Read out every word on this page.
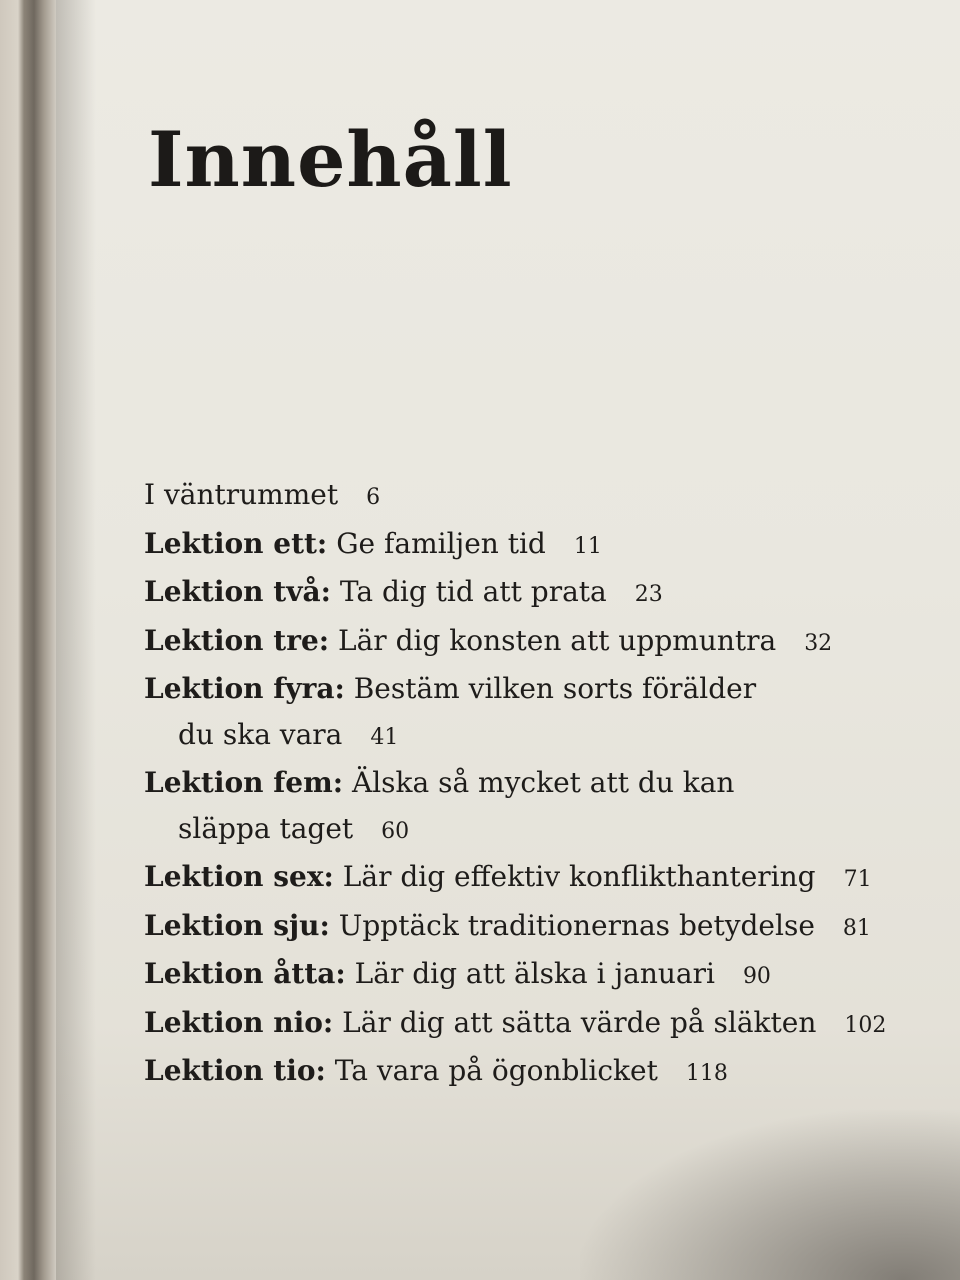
Innehåll
I väntrummet 6
Lektion ett: Ge familjen tid 11
Lektion två: Ta dig tid att prata 23
Lektion tre: Lär dig konsten att uppmuntra 32
Lektion fyra: Bestäm vilken sorts förälder
du ska vara 41
Lektion fem: Älska så mycket att du kan
släppa taget 60
Lektion sex: Lär dig effektiv konflikthantering 71
Lektion sju: Upptäck traditionernas betydelse 81
Lektion åtta: Lär dig att älska i januari 90
Lektion nio: Lär dig att sätta värde på släkten 102
Lektion tio: Ta vara på ögonblicket 118
